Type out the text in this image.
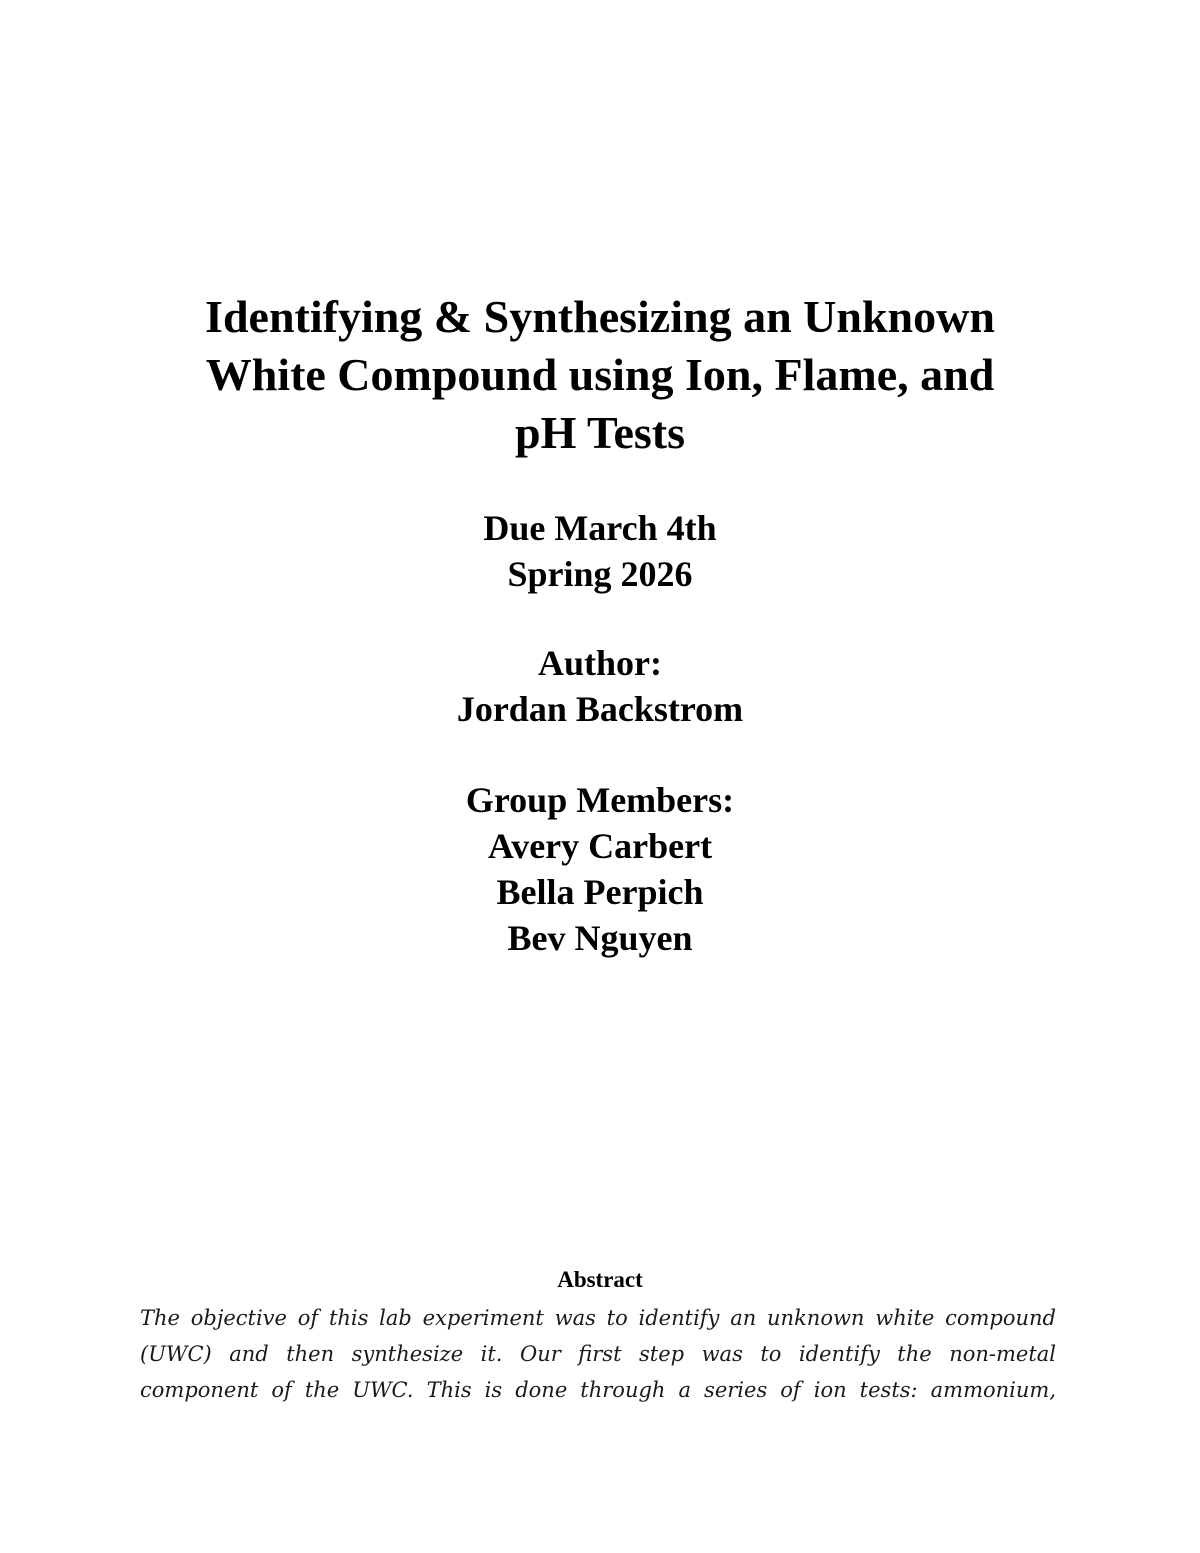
Identifying & Synthesizing an Unknown
White Compound using Ion, Flame, and
pH Tests
Due March 4th
Spring 2026
Author:
Jordan Backstrom
Group Members:
Avery Carbert
Bella Perpich
Bev Nguyen
Abstract
The objective of this lab experiment was to identify an unknown white compound
(UWC) and then synthesize it. Our first step was to identify the non-metal
component of the UWC. This is done through a series of ion tests: ammonium,
